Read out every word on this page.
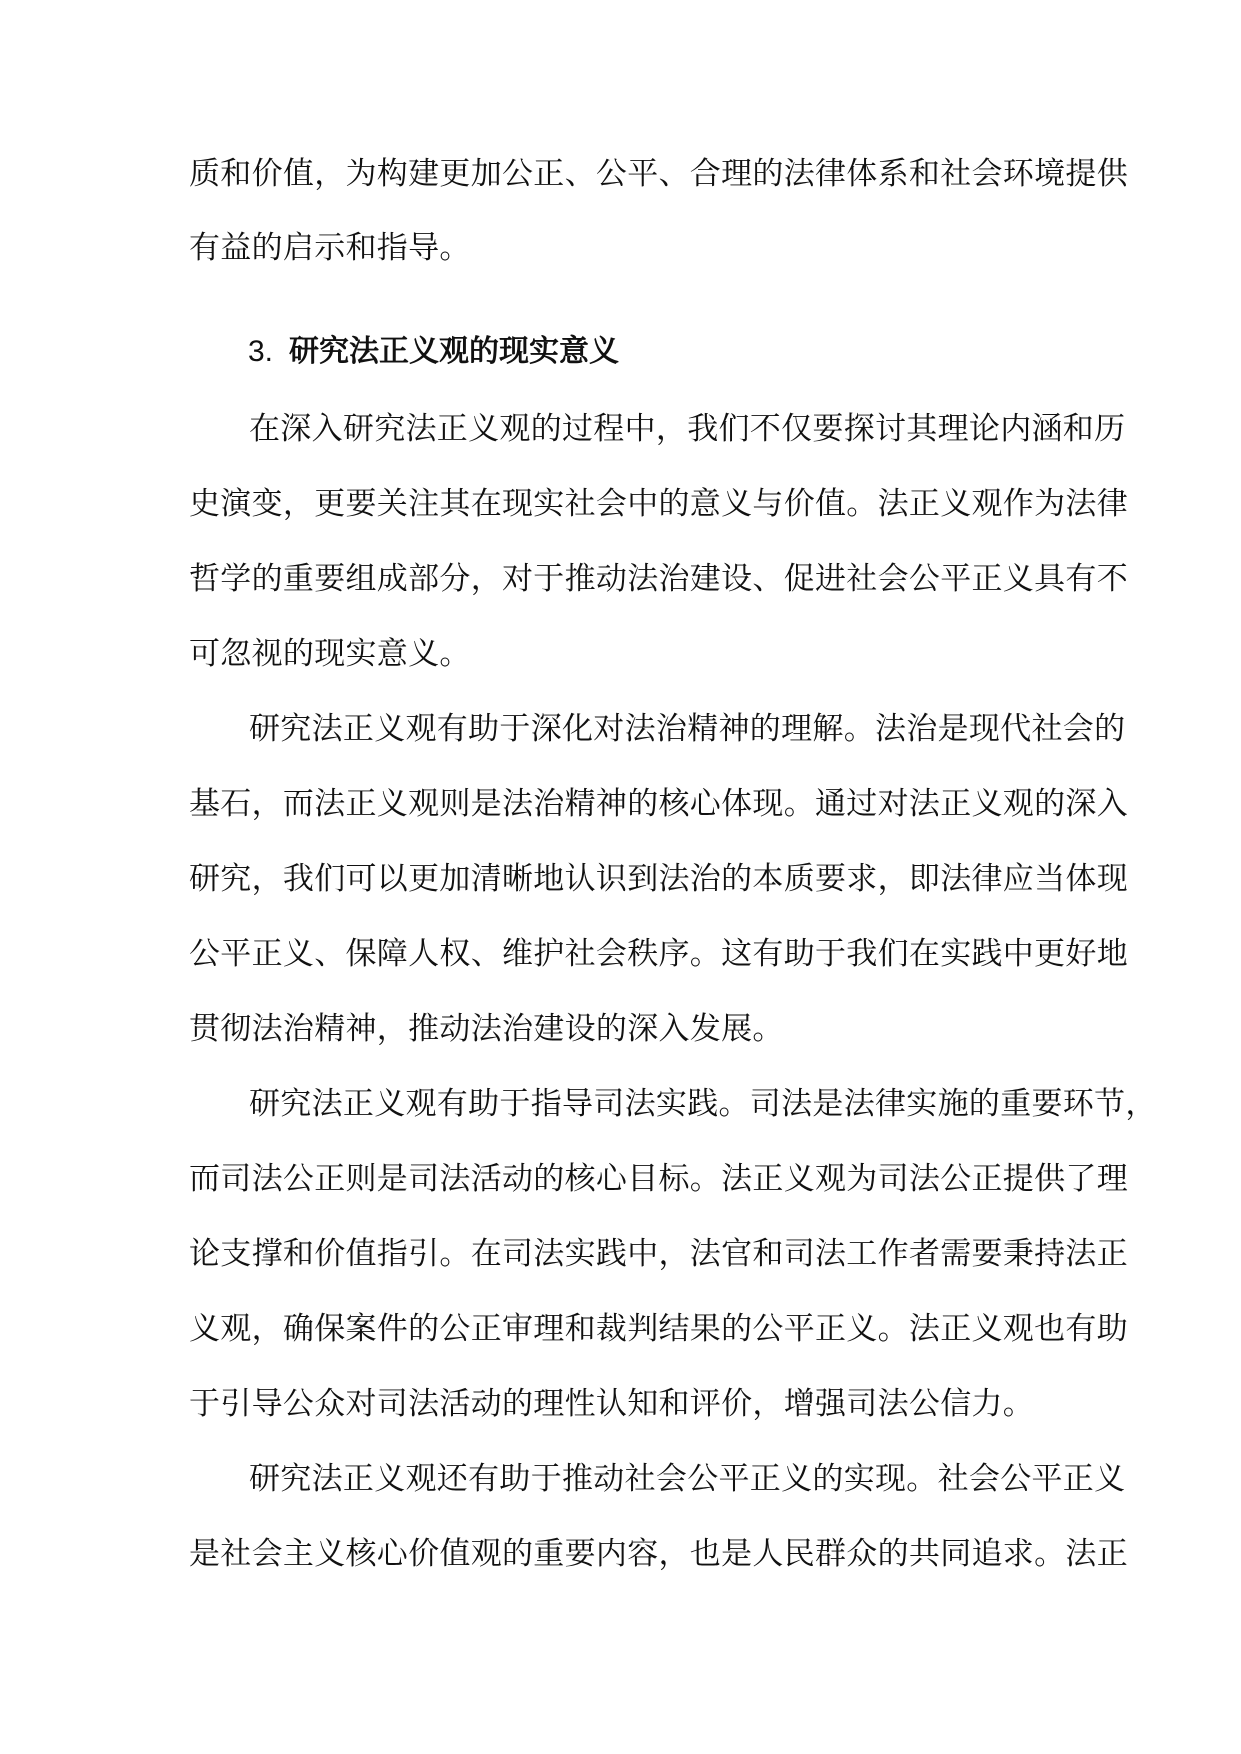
质和价值，为构建更加公正、公平、合理的法律体系和社会环境提供
有益的启示和指导。
3. 研究法正义观的现实意义
在深入研究法正义观的过程中，我们不仅要探讨其理论内涵和历
史演变，更要关注其在现实社会中的意义与价值。法正义观作为法律
哲学的重要组成部分，对于推动法治建设、促进社会公平正义具有不
可忽视的现实意义。
研究法正义观有助于深化对法治精神的理解。法治是现代社会的
基石，而法正义观则是法治精神的核心体现。通过对法正义观的深入
研究，我们可以更加清晰地认识到法治的本质要求，即法律应当体现
公平正义、保障人权、维护社会秩序。这有助于我们在实践中更好地
贯彻法治精神，推动法治建设的深入发展。
研究法正义观有助于指导司法实践。司法是法律实施的重要环节，
而司法公正则是司法活动的核心目标。法正义观为司法公正提供了理
论支撑和价值指引。在司法实践中，法官和司法工作者需要秉持法正
义观，确保案件的公正审理和裁判结果的公平正义。法正义观也有助
于引导公众对司法活动的理性认知和评价，增强司法公信力。
研究法正义观还有助于推动社会公平正义的实现。社会公平正义
是社会主义核心价值观的重要内容，也是人民群众的共同追求。法正
